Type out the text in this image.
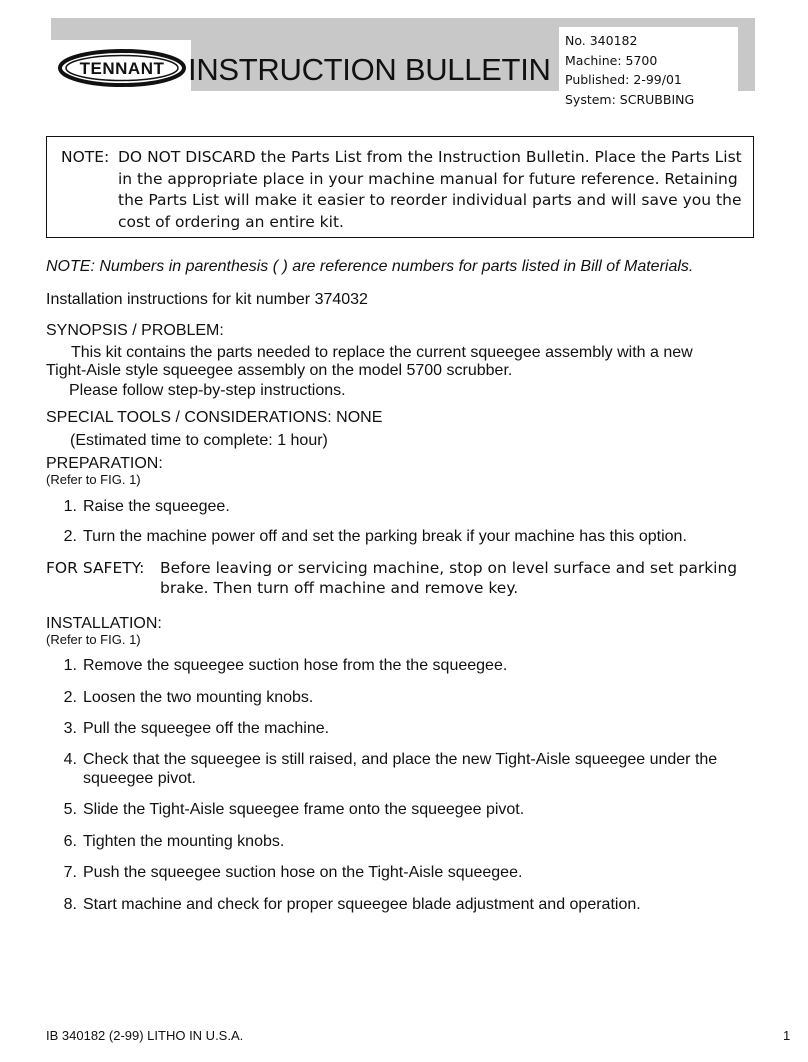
TENNANT INSTRUCTION BULLETIN
No. 340182
Machine: 5700
Published: 2-99/01
System: SCRUBBING
NOTE: DO NOT DISCARD the Parts List from the Instruction Bulletin. Place the Parts List in the appropriate place in your machine manual for future reference. Retaining the Parts List will make it easier to reorder individual parts and will save you the cost of ordering an entire kit.
NOTE: Numbers in parenthesis ( ) are reference numbers for parts listed in Bill of Materials.
Installation instructions for kit number 374032
SYNOPSIS / PROBLEM:
This kit contains the parts needed to replace the current squeegee assembly with a new
Tight-Aisle style squeegee assembly on the model 5700 scrubber.
Please follow step-by-step instructions.
SPECIAL TOOLS / CONSIDERATIONS: NONE
(Estimated time to complete: 1 hour)
PREPARATION:
(Refer to FIG. 1)
1. Raise the squeegee.
2. Turn the machine power off and set the parking break if your machine has this option.
FOR SAFETY: Before leaving or servicing machine, stop on level surface and set parking
brake. Then turn off machine and remove key.
INSTALLATION:
(Refer to FIG. 1)
1. Remove the squeegee suction hose from the the squeegee.
2. Loosen the two mounting knobs.
3. Pull the squeegee off the machine.
4. Check that the squeegee is still raised, and place the new Tight-Aisle squeegee under the
squeegee pivot.
5. Slide the Tight-Aisle squeegee frame onto the squeegee pivot.
6. Tighten the mounting knobs.
7. Push the squeegee suction hose on the Tight-Aisle squeegee.
8. Start machine and check for proper squeegee blade adjustment and operation.
IB 340182 (2-99) LITHO IN U.S.A.	1
